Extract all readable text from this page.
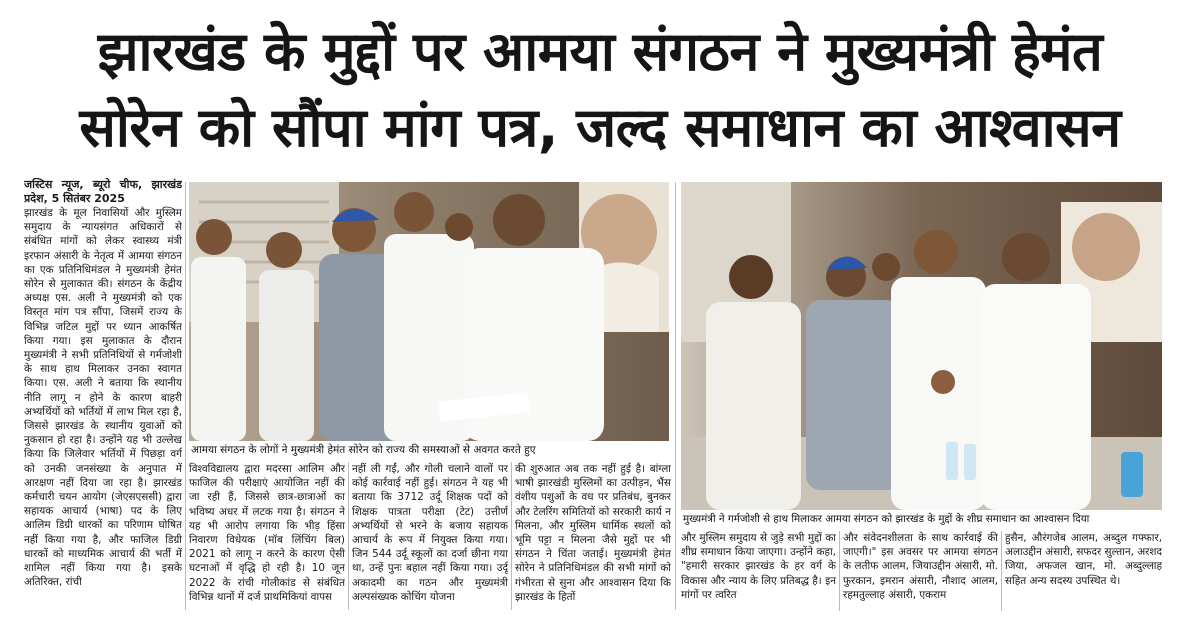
झारखंड के मुद्दों पर आमया संगठन ने मुख्यमंत्री हेमंत
सोरेन को सौंपा मांग पत्र, जल्द समाधान का आश्वासन
जस्टिस न्यूज, ब्यूरो चीफ, झारखंड प्रदेश, 5 सितंबर 2025
झारखंड के मूल निवासियों और मुस्लिम समुदाय के न्यायसंगत अधिकारों से संबंधित मांगों को लेकर स्वास्थ्य मंत्री इरफान अंसारी के नेतृत्व में आमया संगठन का एक प्रतिनिधिमंडल ने मुख्यमंत्री हेमंत सोरेन से मुलाकात की। संगठन के केंद्रीय अध्यक्ष एस. अली ने मुख्यमंत्री को एक विस्तृत मांग पत्र सौंपा, जिसमें राज्य के विभिन्न जटिल मुद्दों पर ध्यान आकर्षित किया गया। इस मुलाकात के दौरान मुख्यमंत्री ने सभी प्रतिनिधियों से गर्मजोशी के साथ हाथ मिलाकर उनका स्वागत किया। एस. अली ने बताया कि स्थानीय नीति लागू न होने के कारण बाहरी अभ्यर्थियों को भर्तियों में लाभ मिल रहा है, जिससे झारखंड के स्थानीय युवाओं को नुकसान हो रहा है। उन्होंने यह भी उल्लेख किया कि जिलेवार भर्तियों में पिछड़ा वर्ग को उनकी जनसंख्या के अनुपात में आरक्षण नहीं दिया जा रहा है। झारखंड कर्मचारी चयन आयोग (जेएसएससी) द्वारा सहायक आचार्य (भाषा) पद के लिए आलिम डिग्री धारकों का परिणाम घोषित नहीं किया गया है, और फाजिल डिग्री धारकों को माध्यमिक आचार्य की भर्ती में शामिल नहीं किया गया है। इसके अतिरिक्त, रांची
आमया संगठन के लोगों ने मुख्यमंत्री हेमंत सोरेन को राज्य की समस्याओं से अवगत करते हुए
विश्वविद्यालय द्वारा मदरसा आलिम और फाजिल की परीक्षाएं आयोजित नहीं की जा रही हैं, जिससे छात्र-छात्राओं का भविष्य अधर में लटक गया है। संगठन ने यह भी आरोप लगाया कि भीड़ हिंसा निवारण विधेयक (मॉब लिंचिंग बिल) 2021 को लागू न करने के कारण ऐसी घटनाओं में वृद्धि हो रही है। 10 जून 2022 के रांची गोलीकांड से संबंधित विभिन्न थानों में दर्ज प्राथमिकियां वापस
नहीं ली गईं, और गोली चलाने वालों पर कोई कार्रवाई नहीं हुई। संगठन ने यह भी बताया कि 3712 उर्दू शिक्षक पदों को शिक्षक पात्रता परीक्षा (टेट) उत्तीर्ण अभ्यर्थियों से भरने के बजाय सहायक आचार्य के रूप में नियुक्त किया गया। जिन 544 उर्दू स्कूलों का दर्जा छीना गया था, उन्हें पुनः बहाल नहीं किया गया। उर्दू अकादमी का गठन और मुख्यमंत्री अल्पसंख्यक कोचिंग योजना
की शुरुआत अब तक नहीं हुई है। बांग्ला भाषी झारखंडी मुस्लिमों का उत्पीड़न, भैंस वंशीय पशुओं के वध पर प्रतिबंध, बुनकर और टेलरिंग समितियों को सरकारी कार्य न मिलना, और मुस्लिम धार्मिक स्थलों को भूमि पट्टा न मिलना जैसे मुद्दों पर भी संगठन ने चिंता जताई। मुख्यमंत्री हेमंत सोरेन ने प्रतिनिधिमंडल की सभी मांगों को गंभीरता से सुना और आश्वासन दिया कि झारखंड के हितों
मुख्यमंत्री ने गर्मजोशी से हाथ मिलाकर आमया संगठन को झारखंड के मुद्दों के शीघ्र समाधान का आश्वासन दिया
और मुस्लिम समुदाय से जुड़े सभी मुद्दों का शीघ्र समाधान किया जाएगा। उन्होंने कहा, "हमारी सरकार झारखंड के हर वर्ग के विकास और न्याय के लिए प्रतिबद्ध है। इन मांगों पर त्वरित
और संवेदनशीलता के साथ कार्रवाई की जाएगी।" इस अवसर पर आमया संगठन के लतीफ आलम, जियाउद्दीन अंसारी, मो. फुरकान, इमरान अंसारी, नौशाद आलम, रहमतुल्लाह अंसारी, एकराम
हुसैन, औरंगजेब आलम, अब्दुल गफ्फार, अलाउद्दीन अंसारी, सफदर सुल्तान, अरशद जिया, अफजल खान, मो. अब्दुल्लाह सहित अन्य सदस्य उपस्थित थे।
